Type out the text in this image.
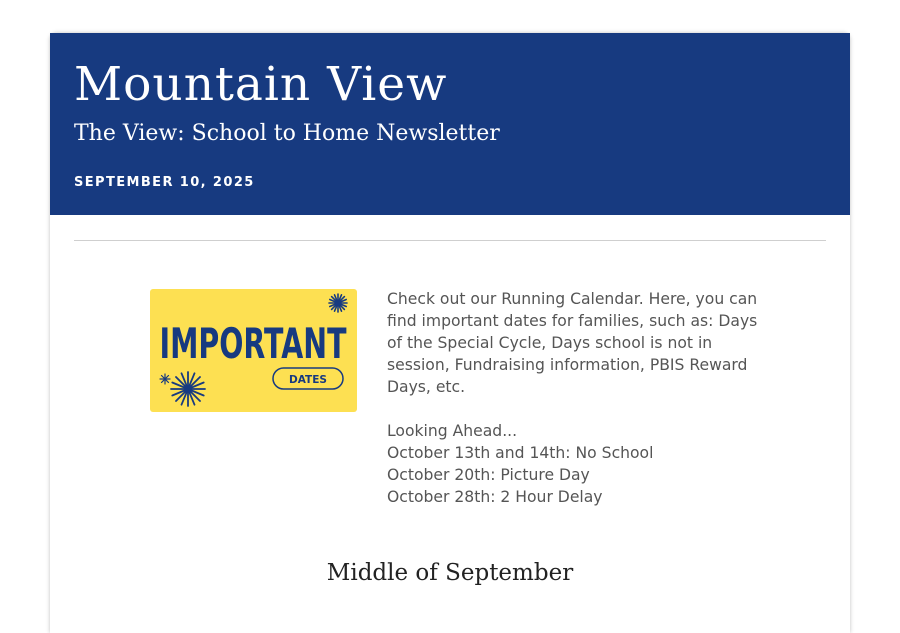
Mountain View
The View: School to Home Newsletter
SEPTEMBER 10, 2025
IMPORTANT
DATES

Check out our Running Calendar. Here, you can find important dates for families, such as: Days of the Special Cycle, Days school is not in session, Fundraising information, PBIS Reward Days, etc.

Looking Ahead...

October 13th and 14th: No School

October 20th: Picture Day

October 28th: 2 Hour Delay

Middle of September
